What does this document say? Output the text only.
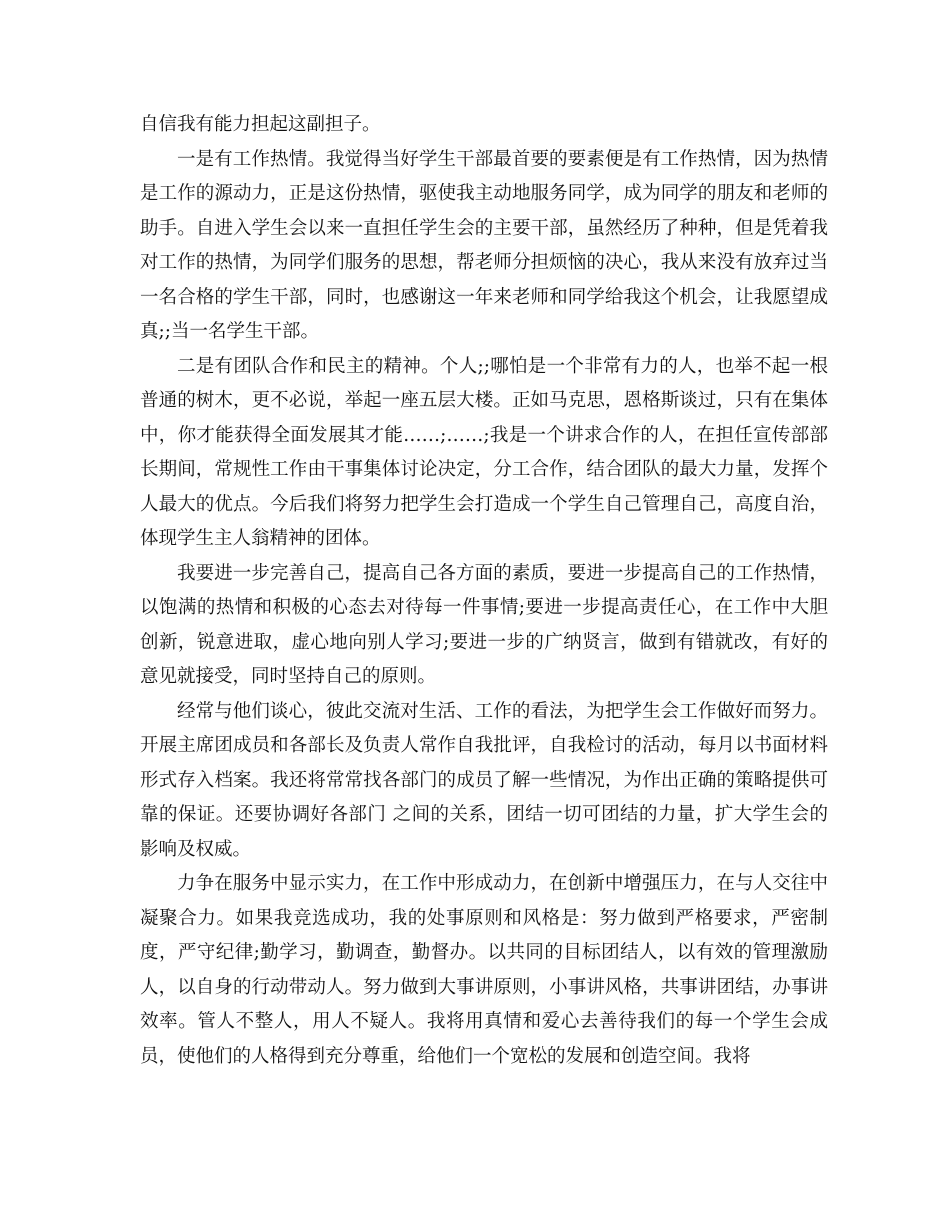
自信我有能力担起这副担子。

一是有工作热情。我觉得当好学生干部最首要的要素便是有工作热情，因为热情是工作的源动力，正是这份热情，驱使我主动地服务同学，成为同学的朋友和老师的助手。自进入学生会以来一直担任学生会的主要干部，虽然经历了种种，但是凭着我对工作的热情，为同学们服务的思想，帮老师分担烦恼的决心，我从来没有放弃过当一名合格的学生干部，同时，也感谢这一年来老师和同学给我这个机会，让我愿望成真;;当一名学生干部。

二是有团队合作和民主的精神。个人;;哪怕是一个非常有力的人，也举不起一根普通的树木，更不必说，举起一座五层大楼。正如马克思，恩格斯谈过，只有在集体中，你才能获得全面发展其才能……;……;我是一个讲求合作的人，在担任宣传部部长期间，常规性工作由干事集体讨论决定，分工合作，结合团队的最大力量，发挥个人最大的优点。今后我们将努力把学生会打造成一个学生自己管理自己，高度自治，体现学生主人翁精神的团体。

我要进一步完善自己，提高自己各方面的素质，要进一步提高自己的工作热情，以饱满的热情和积极的心态去对待每一件事情;要进一步提高责任心，在工作中大胆创新，锐意进取，虚心地向别人学习;要进一步的广纳贤言，做到有错就改，有好的意见就接受，同时坚持自己的原则。

经常与他们谈心，彼此交流对生活、工作的看法，为把学生会工作做好而努力。开展主席团成员和各部长及负责人常作自我批评，自我检讨的活动，每月以书面材料形式存入档案。我还将常常找各部门的成员了解一些情况，为作出正确的策略提供可靠的保证。还要协调好各部门 之间的关系，团结一切可团结的力量，扩大学生会的影响及权威。

力争在服务中显示实力，在工作中形成动力，在创新中增强压力，在与人交往中凝聚合力。如果我竞选成功，我的处事原则和风格是：努力做到严格要求，严密制度，严守纪律;勤学习，勤调查，勤督办。以共同的目标团结人，以有效的管理激励人，以自身的行动带动人。努力做到大事讲原则，小事讲风格，共事讲团结，办事讲效率。管人不整人，用人不疑人。我将用真情和爱心去善待我们的每一个学生会成员，使他们的人格得到充分尊重，给他们一个宽松的发展和创造空间。我将
